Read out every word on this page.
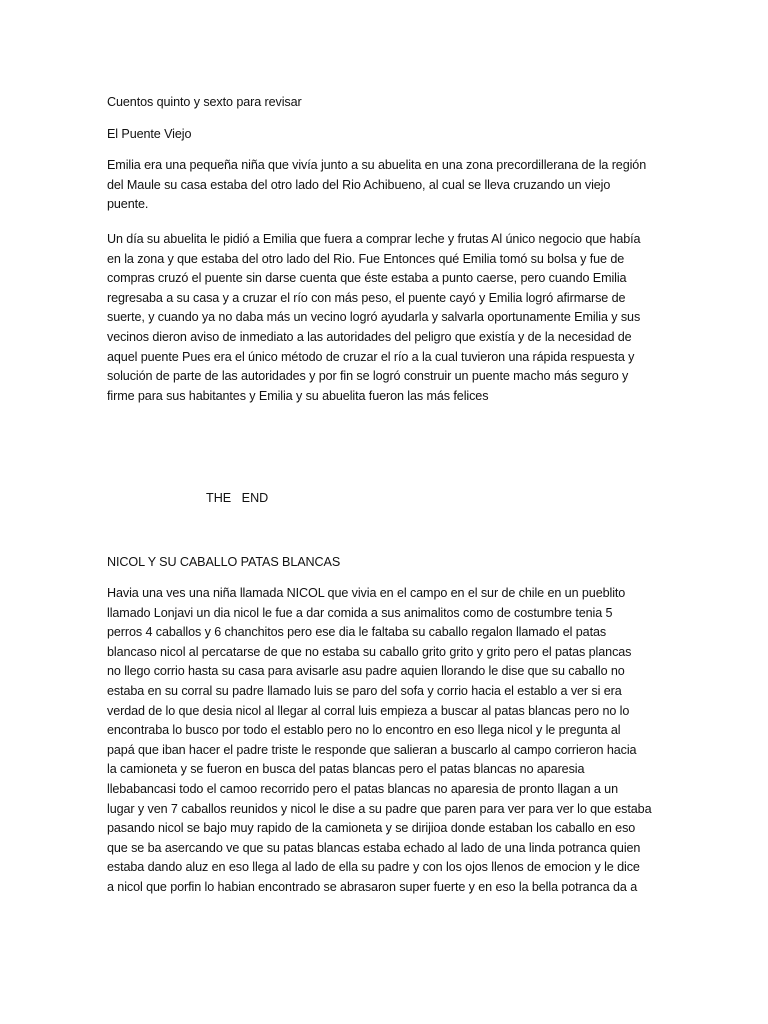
Cuentos quinto y sexto para revisar

El Puente Viejo

Emilia era una pequeña niña que vivía junto a su abuelita en una zona precordillerana de la región
del Maule su casa estaba del otro lado del Rio Achibueno, al cual se lleva cruzando un viejo
puente.
Un día su abuelita le pidió a Emilia que fuera a comprar leche y frutas Al único negocio que había
en la zona y que estaba del otro lado del Rio. Fue Entonces qué Emilia tomó su bolsa y fue de
compras cruzó el puente sin darse cuenta que éste estaba a punto caerse, pero cuando Emilia
regresaba a su casa y a cruzar el río con más peso, el puente cayó y Emilia logró afirmarse de
suerte, y cuando ya no daba más un vecino logró ayudarla y salvarla oportunamente Emilia y sus
vecinos dieron aviso de inmediato a las autoridades del peligro que existía y de la necesidad de
aquel puente Pues era el único método de cruzar el río a la cual tuvieron una rápida respuesta y
solución de parte de las autoridades y por fin se logró construir un puente macho más seguro y
firme para sus habitantes y Emilia y su abuelita fueron las más felices

THE   END

NICOL Y SU CABALLO PATAS BLANCAS

Havia una ves una niña llamada NICOL que vivia en el campo en el sur de chile en un pueblito
llamado Lonjavi un dia nicol le fue a dar comida a sus animalitos como de costumbre tenia 5
perros 4 caballos y 6 chanchitos pero ese dia le faltaba su caballo regalon llamado el patas
blancaso nicol al percatarse de que no estaba su caballo grito grito y grito pero el patas plancas
no llego corrio hasta su casa para avisarle asu padre aquien llorando le dise que su caballo no
estaba en su corral su padre llamado luis se paro del sofa y corrio hacia el establo a ver si era
verdad de lo que desia nicol al llegar al corral luis empieza a buscar al patas blancas pero no lo
encontraba lo busco por todo el establo pero no lo encontro en eso llega nicol y le pregunta al
papá que iban hacer el padre triste le responde que salieran a buscarlo al campo corrieron hacia
la camioneta y se fueron en busca del patas blancas pero el patas blancas no aparesia
llebabancasi todo el camoo recorrido pero el patas blancas no aparesia de pronto llagan a un
lugar y ven 7 caballos reunidos y nicol le dise a su padre que paren para ver para ver lo que estaba
pasando nicol se bajo muy rapido de la camioneta y se dirijioa donde estaban los caballo en eso
que se ba asercando ve que su patas blancas estaba echado al lado de una linda potranca quien
estaba dando aluz en eso llega al lado de ella su padre y con los ojos llenos de emocion y le dice
a nicol que porfin lo habian encontrado se abrasaron super fuerte y en eso la bella potranca da a
